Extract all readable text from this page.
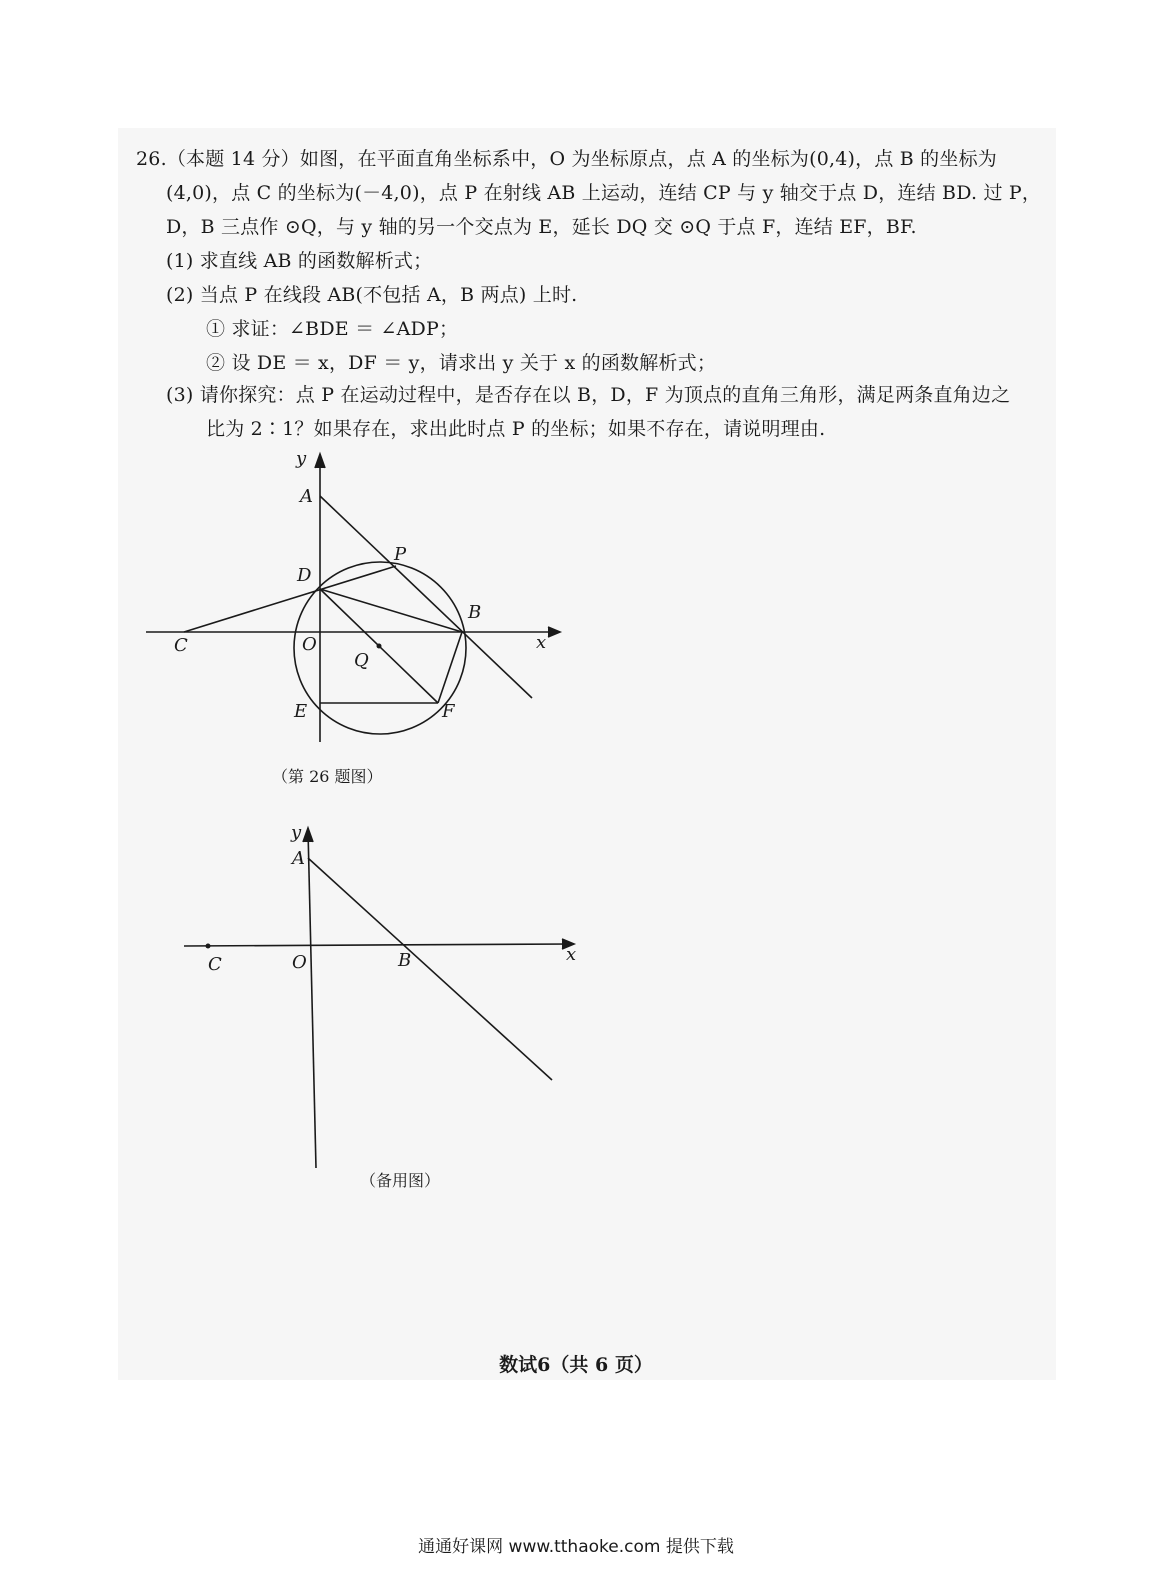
26.（本题 14 分）如图，在平面直角坐标系中，O 为坐标原点，点 A 的坐标为(0,4)，点 B 的坐标为
(4,0)，点 C 的坐标为(－4,0)，点 P 在射线 AB 上运动，连结 CP 与 y 轴交于点 D，连结 BD. 过 P，
D，B 三点作 ⊙Q，与 y 轴的另一个交点为 E，延长 DQ 交 ⊙Q 于点 F，连结 EF，BF.
(1) 求直线 AB 的函数解析式；
(2) 当点 P 在线段 AB(不包括 A，B 两点) 上时.
① 求证：∠BDE ＝ ∠ADP；
② 设 DE ＝ x，DF ＝ y，请求出 y 关于 x 的函数解析式；
(3) 请你探究：点 P 在运动过程中，是否存在以 B，D，F 为顶点的直角三角形，满足两条直角边之
比为 2∶1？如果存在，求出此时点 P 的坐标；如果不存在，请说明理由.
y
A
P
D
B
x
C	O
Q
E	F
（第 26 题图）
y
A
C	O	B	x
（备用图）
数试6（共 6 页）
通通好课网 www.tthaoke.com 提供下载
